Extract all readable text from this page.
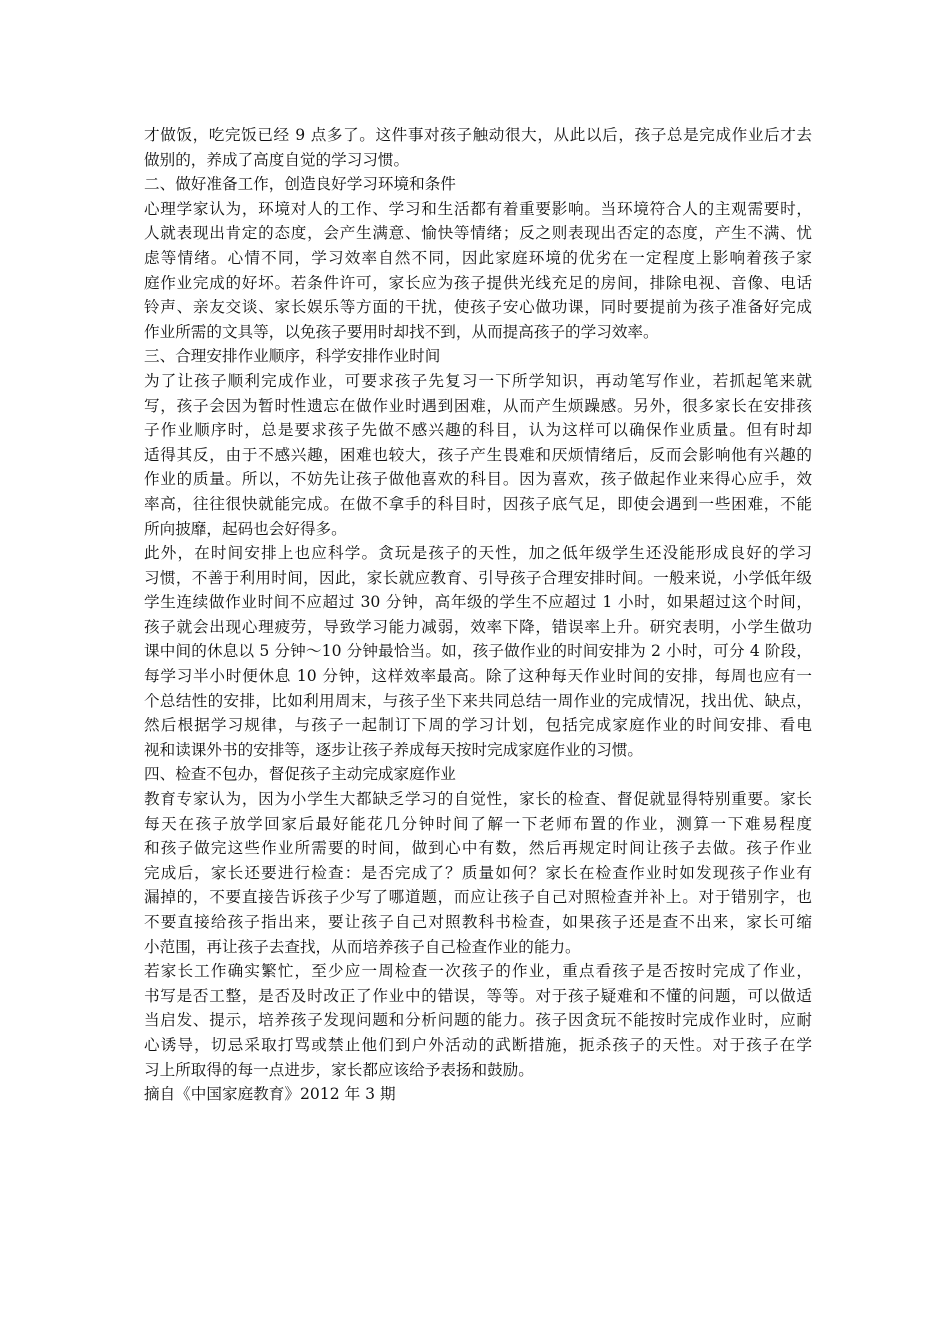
才做饭，吃完饭已经 9 点多了。这件事对孩子触动很大，从此以后，孩子总是完成作业后才去
做别的，养成了高度自觉的学习习惯。
二、做好准备工作，创造良好学习环境和条件
心理学家认为，环境对人的工作、学习和生活都有着重要影响。当环境符合人的主观需要时，
人就表现出肯定的态度，会产生满意、愉快等情绪；反之则表现出否定的态度，产生不满、忧
虑等情绪。心情不同，学习效率自然不同，因此家庭环境的优劣在一定程度上影响着孩子家
庭作业完成的好坏。若条件许可，家长应为孩子提供光线充足的房间，排除电视、音像、电话
铃声、亲友交谈、家长娱乐等方面的干扰，使孩子安心做功课，同时要提前为孩子准备好完成
作业所需的文具等，以免孩子要用时却找不到，从而提高孩子的学习效率。
三、合理安排作业顺序，科学安排作业时间
为了让孩子顺利完成作业，可要求孩子先复习一下所学知识，再动笔写作业，若抓起笔来就
写，孩子会因为暂时性遗忘在做作业时遇到困难，从而产生烦躁感。另外，很多家长在安排孩
子作业顺序时，总是要求孩子先做不感兴趣的科目，认为这样可以确保作业质量。但有时却
适得其反，由于不感兴趣，困难也较大，孩子产生畏难和厌烦情绪后，反而会影响他有兴趣的
作业的质量。所以，不妨先让孩子做他喜欢的科目。因为喜欢，孩子做起作业来得心应手，效
率高，往往很快就能完成。在做不拿手的科目时，因孩子底气足，即使会遇到一些困难，不能
所向披靡，起码也会好得多。
此外，在时间安排上也应科学。贪玩是孩子的天性，加之低年级学生还没能形成良好的学习
习惯，不善于利用时间，因此，家长就应教育、引导孩子合理安排时间。一般来说，小学低年级
学生连续做作业时间不应超过 30 分钟，高年级的学生不应超过 1 小时，如果超过这个时间，
孩子就会出现心理疲劳，导致学习能力减弱，效率下降，错误率上升。研究表明，小学生做功
课中间的休息以 5 分钟～10 分钟最恰当。如，孩子做作业的时间安排为 2 小时，可分 4 阶段，
每学习半小时便休息 10 分钟，这样效率最高。除了这种每天作业时间的安排，每周也应有一
个总结性的安排，比如利用周末，与孩子坐下来共同总结一周作业的完成情况，找出优、缺点，
然后根据学习规律，与孩子一起制订下周的学习计划，包括完成家庭作业的时间安排、看电
视和读课外书的安排等，逐步让孩子养成每天按时完成家庭作业的习惯。
四、检查不包办，督促孩子主动完成家庭作业
教育专家认为，因为小学生大都缺乏学习的自觉性，家长的检查、督促就显得特别重要。家长
每天在孩子放学回家后最好能花几分钟时间了解一下老师布置的作业，测算一下难易程度
和孩子做完这些作业所需要的时间，做到心中有数，然后再规定时间让孩子去做。孩子作业
完成后，家长还要进行检查：是否完成了？质量如何？家长在检查作业时如发现孩子作业有
漏掉的，不要直接告诉孩子少写了哪道题，而应让孩子自己对照检查并补上。对于错别字，也
不要直接给孩子指出来，要让孩子自己对照教科书检查，如果孩子还是查不出来，家长可缩
小范围，再让孩子去查找，从而培养孩子自己检查作业的能力。
若家长工作确实繁忙，至少应一周检查一次孩子的作业，重点看孩子是否按时完成了作业，
书写是否工整，是否及时改正了作业中的错误，等等。对于孩子疑难和不懂的问题，可以做适
当启发、提示，培养孩子发现问题和分析问题的能力。孩子因贪玩不能按时完成作业时，应耐
心诱导，切忌采取打骂或禁止他们到户外活动的武断措施，扼杀孩子的天性。对于孩子在学
习上所取得的每一点进步，家长都应该给予表扬和鼓励。
摘自《中国家庭教育》2012 年 3 期
